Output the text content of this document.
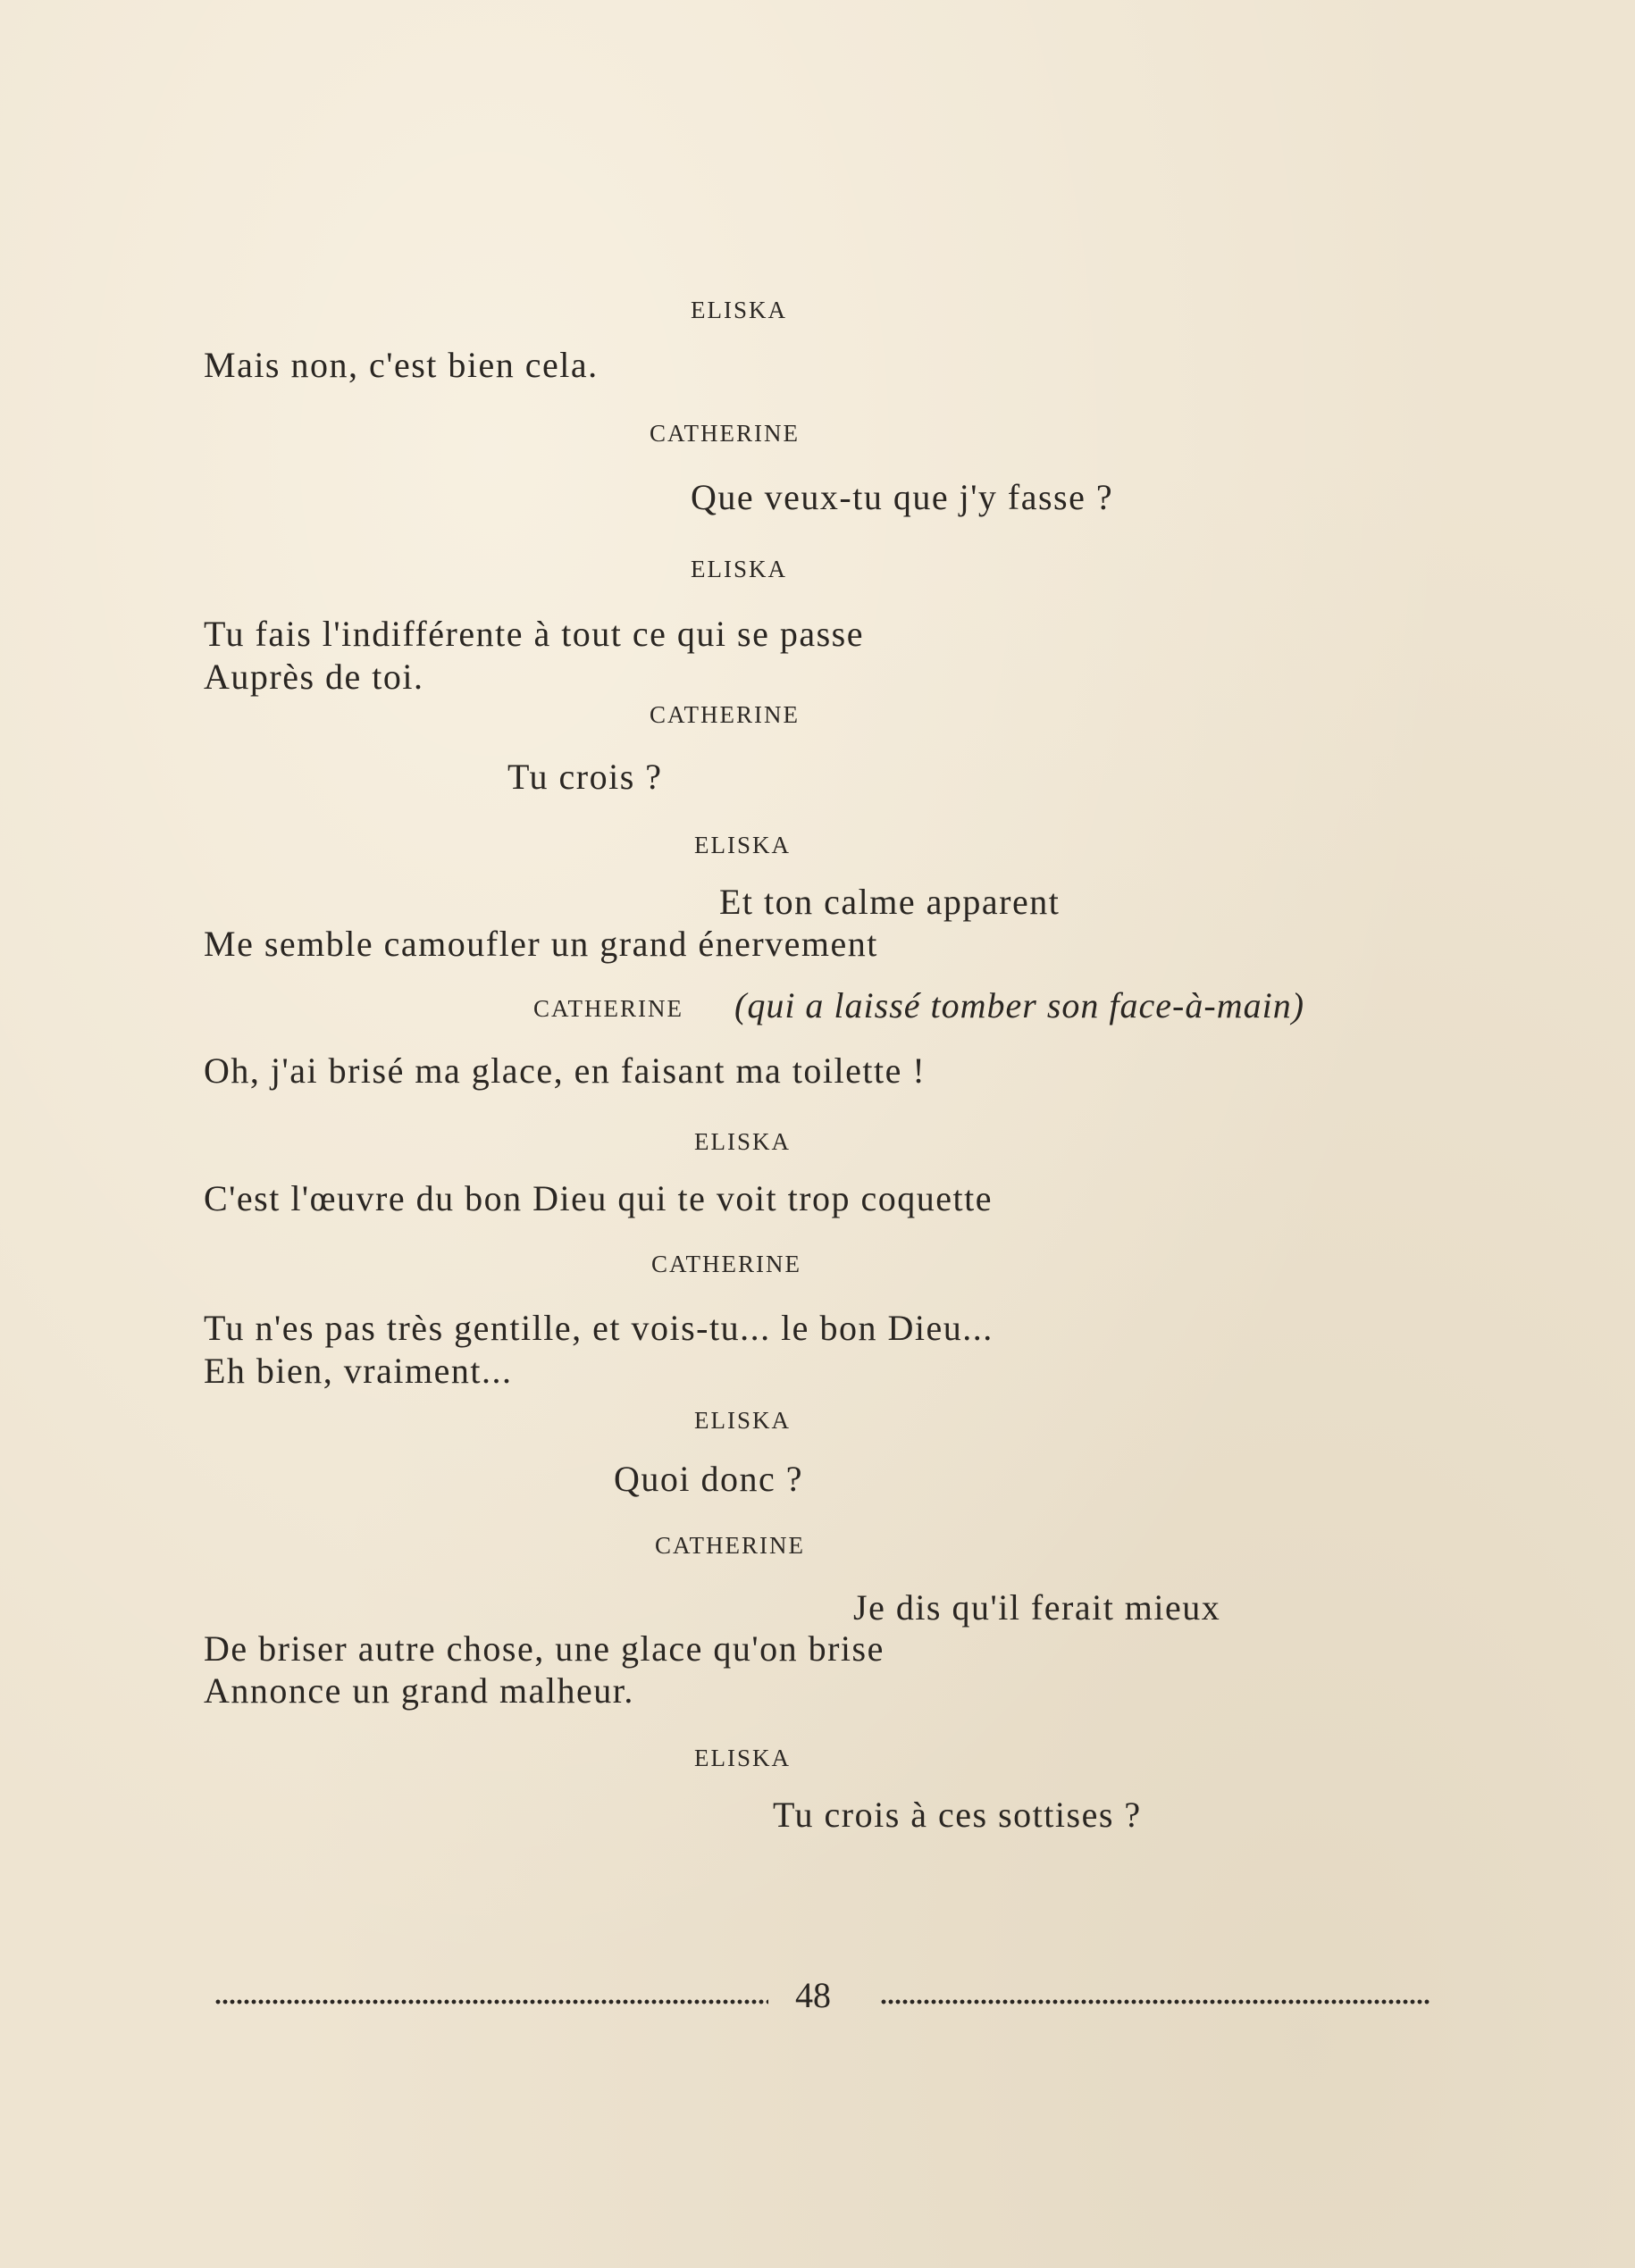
ELISKA
Mais non, c'est bien cela.
CATHERINE
Que veux-tu que j'y fasse ?
ELISKA
Tu fais l'indifférente à tout ce qui se passe
Auprès de toi.
CATHERINE
Tu crois ?
ELISKA
Et ton calme apparent
Me semble camoufler un grand énervement
CATHERINE (qui a laissé tomber son face-à-main)
Oh, j'ai brisé ma glace, en faisant ma toilette !
ELISKA
C'est l'œuvre du bon Dieu qui te voit trop coquette
CATHERINE
Tu n'es pas très gentille, et vois-tu... le bon Dieu...
Eh bien, vraiment...
ELISKA
Quoi donc ?
CATHERINE
Je dis qu'il ferait mieux
De briser autre chose, une glace qu'on brise
Annonce un grand malheur.
ELISKA
Tu crois à ces sottises ?
48
